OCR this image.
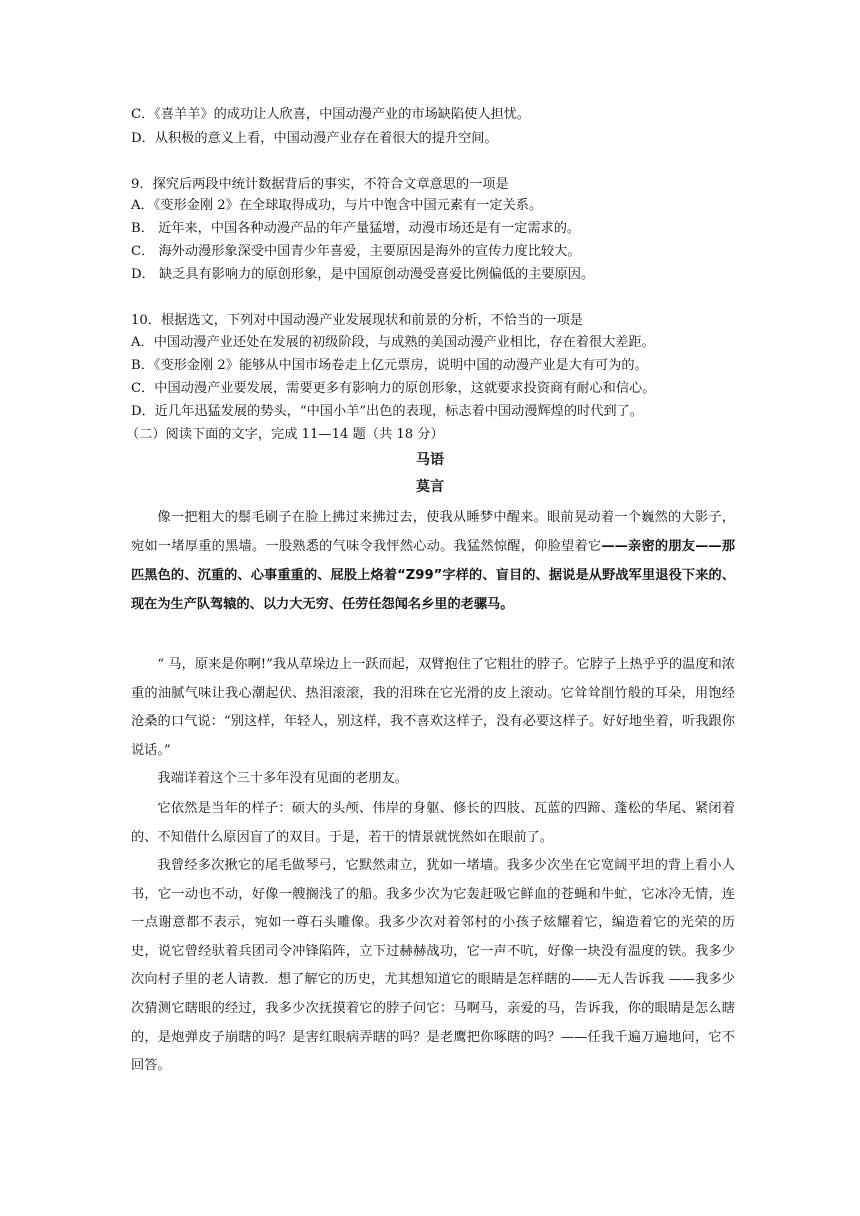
C．《喜羊羊》的成功让人欣喜，中国动漫产业的市场缺陷使人担忧。
D．从积极的意义上看，中国动漫产业存在着很大的提升空间。
9．探究后两段中统计数据背后的事实，不符合文章意思的一项是
A．《变形金刚 2》在全球取得成功，与片中饱含中国元素有一定关系。
B． 近年来，中国各种动漫产品的年产量猛增，动漫市场还是有一定需求的。
C． 海外动漫形象深受中国青少年喜爱，主要原因是海外的宣传力度比较大。
D． 缺乏具有影响力的原创形象，是中国原创动漫受喜爱比例偏低的主要原因。
10．根据选文，下列对中国动漫产业发展现状和前景的分析，不恰当的一项是
A．中国动漫产业还处在发展的初级阶段，与成熟的美国动漫产业相比，存在着很大差距。
B．《变形金刚 2》能够从中国市场卷走上亿元票房，说明中国的动漫产业是大有可为的。
C．中国动漫产业要发展，需要更多有影响力的原创形象，这就要求投资商有耐心和信心。
D．近几年迅猛发展的势头，“中国小羊”出色的表现，标志着中国动漫辉煌的时代到了。
（二）阅读下面的文字，完成 11—14 题（共 18 分）
马语
莫言
像一把粗大的鬃毛刷子在脸上拂过来拂过去，使我从睡梦中醒来。眼前晃动着一个巍然的大影子，宛如一堵厚重的黑墙。一股熟悉的气味令我怦然心动。我猛然惊醒，仰脸望着它——亲密的朋友——那匹黑色的、沉重的、心事重重的、屁股上烙着“Z99”字样的、盲目的、据说是从野战军里退役下来的、现在为生产队驾辕的、以力大无穷、任劳任怨闻名乡里的老骡马。
“ 马，原来是你啊!”我从草垛边上一跃而起，双臂抱住了它粗壮的脖子。它脖子上热乎乎的温度和浓重的油腻气味让我心潮起伏、热泪滚滚，我的泪珠在它光滑的皮上滚动。它耸耸削竹般的耳朵，用饱经沧桑的口气说：“别这样，年轻人，别这样，我不喜欢这样子，没有必要这样子。好好地坐着，听我跟你说话。”
我端详着这个三十多年没有见面的老朋友。
它依然是当年的样子：硕大的头颅、伟岸的身躯、修长的四肢、瓦蓝的四蹄、蓬松的华尾、紧闭着的、不知借什么原因盲了的双目。于是，若干的情景就恍然如在眼前了。
我曾经多次揪它的尾毛做琴弓，它默然肃立，犹如一堵墙。我多少次坐在它宽阔平坦的背上看小人书，它一动也不动，好像一艘搁浅了的船。我多少次为它轰赶吸它鲜血的苍蝇和牛虻，它冰冷无情，连一点谢意都不表示，宛如一尊石头雕像。我多少次对着邻村的小孩子炫耀着它，编造着它的光荣的历史，说它曾经驮着兵团司令冲锋陷阵，立下过赫赫战功，它一声不吭，好像一块没有温度的铁。我多少次向村子里的老人请教．想了解它的历史，尤其想知道它的眼睛是怎样瞎的——无人告诉我 ——我多少次猜测它瞎眼的经过，我多少次抚摸着它的脖子问它：马啊马，亲爱的马，告诉我，你的眼睛是怎么瞎的，是炮弹皮子崩瞎的吗？是害红眼病弄瞎的吗？是老鹰把你啄瞎的吗？——任我千遍万遍地问，它不回答。
